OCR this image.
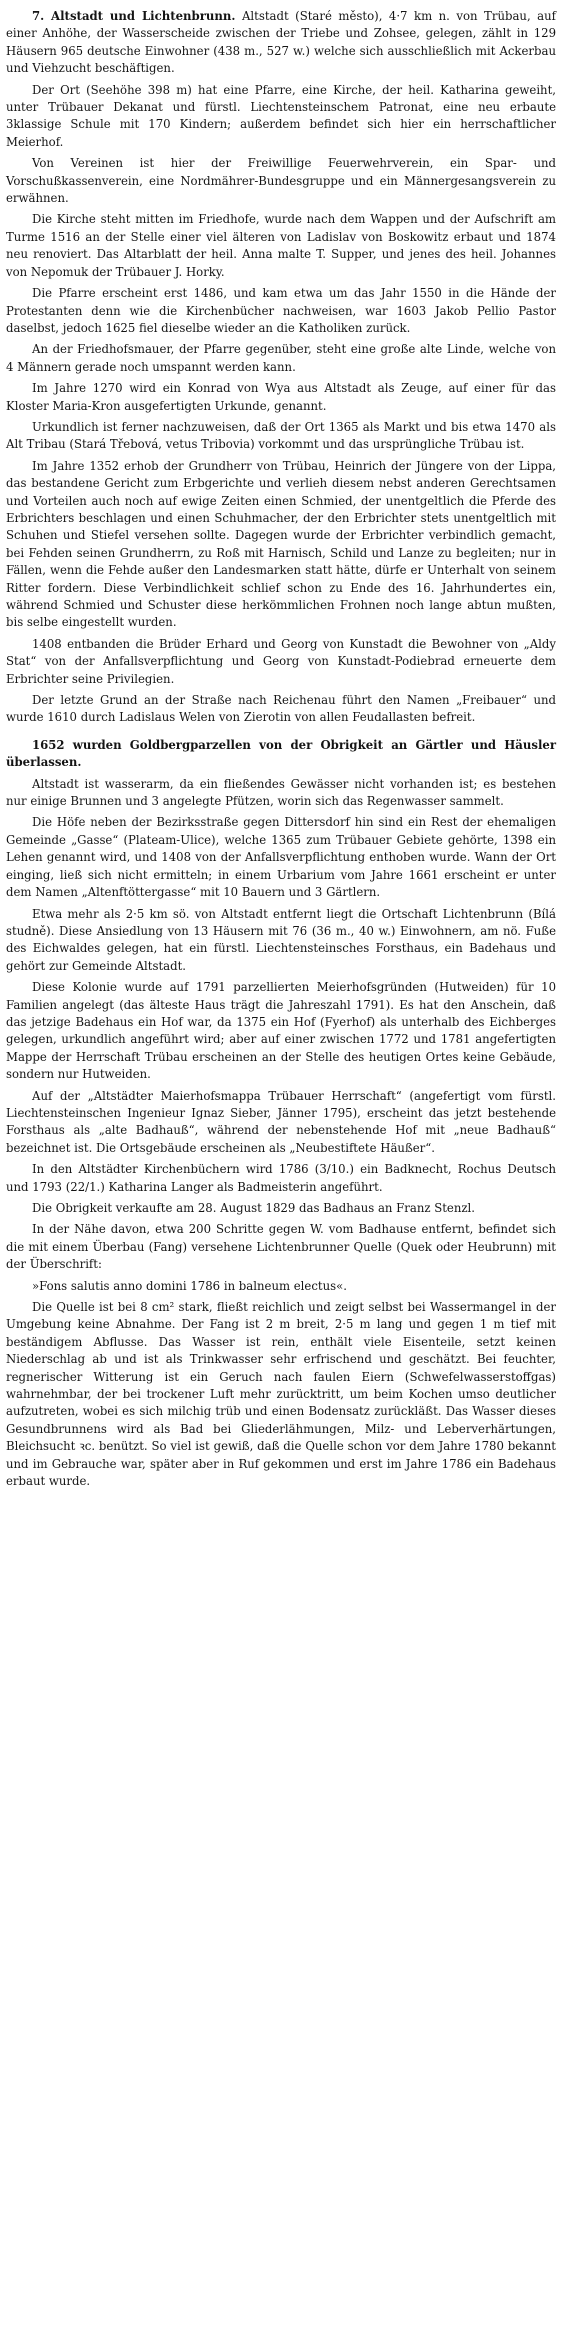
7. Altstadt und Lichtenbrunn. Altstadt (Staré město), 4·7 km n. von Trübau, auf einer Anhöhe, der Wasserscheide zwischen der Triebe und Zohsee, gelegen, zählt in 129 Häusern 965 deutsche Einwohner (438 m., 527 w.) welche sich ausschließlich mit Ackerbau und Viehzucht beschäftigen.

Der Ort (Seehöhe 398 m) hat eine Pfarre, eine Kirche, der heil. Katharina geweiht, unter Trübauer Dekanat und fürstl. Liechtensteinschem Patronat, eine neu erbaute 3klassige Schule mit 170 Kindern; außerdem befindet sich hier ein herrschaftlicher Meierhof.

Von Vereinen ist hier der Freiwillige Feuerwehrverein, ein Spar- und Vorschußkassenverein, eine Nordmährer-Bundesgruppe und ein Männergesangsverein zu erwähnen.

Die Kirche steht mitten im Friedhofe, wurde nach dem Wappen und der Aufschrift am Turme 1516 an der Stelle einer viel älteren von Ladislav von Boskowitz erbaut und 1874 neu renoviert. Das Altarblatt der heil. Anna malte T. Supper, und jenes des heil. Johannes von Nepomuk der Trübauer J. Horky.

Die Pfarre erscheint erst 1486, und kam etwa um das Jahr 1550 in die Hände der Protestanten denn wie die Kirchenbücher nachweisen, war 1603 Jakob Pellio Pastor daselbst, jedoch 1625 fiel dieselbe wieder an die Katholiken zurück.

An der Friedhofsmauer, der Pfarre gegenüber, steht eine große alte Linde, welche von 4 Männern gerade noch umspannt werden kann.

Im Jahre 1270 wird ein Konrad von Wya aus Altstadt als Zeuge, auf einer für das Kloster Maria-Kron ausgefertigten Urkunde, genannt.

Urkundlich ist ferner nachzuweisen, daß der Ort 1365 als Markt und bis etwa 1470 als Alt Tribau (Stará Třebová, vetus Tribovia) vorkommt und das ursprüngliche Trübau ist.

Im Jahre 1352 erhob der Grundherr von Trübau, Heinrich der Jüngere von der Lippa, das bestandene Gericht zum Erbgerichte und verlieh diesem nebst anderen Gerechtsamen und Vorteilen auch noch auf ewige Zeiten einen Schmied, der unentgeltlich die Pferde des Erbrichters beschlagen und einen Schuhmacher, der den Erbrichter stets unentgeltlich mit Schuhen und Stiefel versehen sollte. Dagegen wurde der Erbrichter verbindlich gemacht, bei Fehden seinen Grundherrn, zu Roß mit Harnisch, Schild und Lanze zu begleiten; nur in Fällen, wenn die Fehde außer den Landesmarken statt hätte, dürfe er Unterhalt von seinem Ritter fordern. Diese Verbindlichkeit schlief schon zu Ende des 16. Jahrhundertes ein, während Schmied und Schuster diese herkömmlichen Frohnen noch lange abtun mußten, bis selbe eingestellt wurden.

1408 entbanden die Brüder Erhard und Georg von Kunstadt die Bewohner von „Aldy Stat“ von der Anfallsverpflichtung und Georg von Kunstadt-Podiebrad erneuerte dem Erbrichter seine Privilegien.

Der letzte Grund an der Straße nach Reichenau führt den Namen „Freibauer“ und wurde 1610 durch Ladislaus Welen von Zierotin von allen Feudallasten befreit.

1652 wurden Goldbergparzellen von der Obrigkeit an Gärtler und Häusler überlassen.

Altstadt ist wasserarm, da ein fließendes Gewässer nicht vorhanden ist; es bestehen nur einige Brunnen und 3 angelegte Pfützen, worin sich das Regenwasser sammelt.

Die Höfe neben der Bezirksstraße gegen Dittersdorf hin sind ein Rest der ehemaligen Gemeinde „Gasse“ (Plateam-Ulice), welche 1365 zum Trübauer Gebiete gehörte, 1398 ein Lehen genannt wird, und 1408 von der Anfallsverpflichtung enthoben wurde. Wann der Ort einging, ließ sich nicht ermitteln; in einem Urbarium vom Jahre 1661 erscheint er unter dem Namen „Altenftöttergasse“ mit 10 Bauern und 3 Gärtlern.

Etwa mehr als 2·5 km sö. von Altstadt entfernt liegt die Ortschaft Lichtenbrunn (Bílá studně). Diese Ansiedlung von 13 Häusern mit 76 (36 m., 40 w.) Einwohnern, am nö. Fuße des Eichwaldes gelegen, hat ein fürstl. Liechtensteinsches Forsthaus, ein Badehaus und gehört zur Gemeinde Altstadt.

Diese Kolonie wurde auf 1791 parzellierten Meierhofsgründen (Hutweiden) für 10 Familien angelegt (das älteste Haus trägt die Jahreszahl 1791). Es hat den Anschein, daß das jetzige Badehaus ein Hof war, da 1375 ein Hof (Fyerhof) als unterhalb des Eichberges gelegen, urkundlich angeführt wird; aber auf einer zwischen 1772 und 1781 angefertigten Mappe der Herrschaft Trübau erscheinen an der Stelle des heutigen Ortes keine Gebäude, sondern nur Hutweiden.

Auf der „Altstädter Maierhofsmappa Trübauer Herrschaft“ (angefertigt vom fürstl. Liechtensteinschen Ingenieur Ignaz Sieber, Jänner 1795), erscheint das jetzt bestehende Forsthaus als „alte Badhauß“, während der nebenstehende Hof mit „neue Badhauß“ bezeichnet ist. Die Ortsgebäude erscheinen als „Neubestiftete Häußer“.

In den Altstädter Kirchenbüchern wird 1786 (3/10.) ein Badknecht, Rochus Deutsch und 1793 (22/1.) Katharina Langer als Badmeisterin angeführt.

Die Obrigkeit verkaufte am 28. August 1829 das Badhaus an Franz Stenzl.

In der Nähe davon, etwa 200 Schritte gegen W. vom Badhause entfernt, befindet sich die mit einem Überbau (Fang) versehene Lichtenbrunner Quelle (Quek oder Heubrunn) mit der Überschrift:

»Fons salutis anno domini 1786 in balneum electus«.

Die Quelle ist bei 8 cm² stark, fließt reichlich und zeigt selbst bei Wassermangel in der Umgebung keine Abnahme. Der Fang ist 2 m breit, 2·5 m lang und gegen 1 m tief mit beständigem Abflusse. Das Wasser ist rein, enthält viele Eisenteile, setzt keinen Niederschlag ab und ist als Trinkwasser sehr erfrischend und geschätzt. Bei feuchter, regnerischer Witterung ist ein Geruch nach faulen Eiern (Schwefelwasserstoffgas) wahrnehmbar, der bei trockener Luft mehr zurücktritt, um beim Kochen umso deutlicher aufzutreten, wobei es sich milchig trüb und einen Bodensatz zurückläßt. Das Wasser dieses Gesundbrunnens wird als Bad bei Gliederlähmungen, Milz- und Leberverhärtungen, Bleichsucht ꝛc. benützt. So viel ist gewiß, daß die Quelle schon vor dem Jahre 1780 bekannt und im Gebrauche war, später aber in Ruf gekommen und erst im Jahre 1786 ein Badehaus erbaut wurde.
